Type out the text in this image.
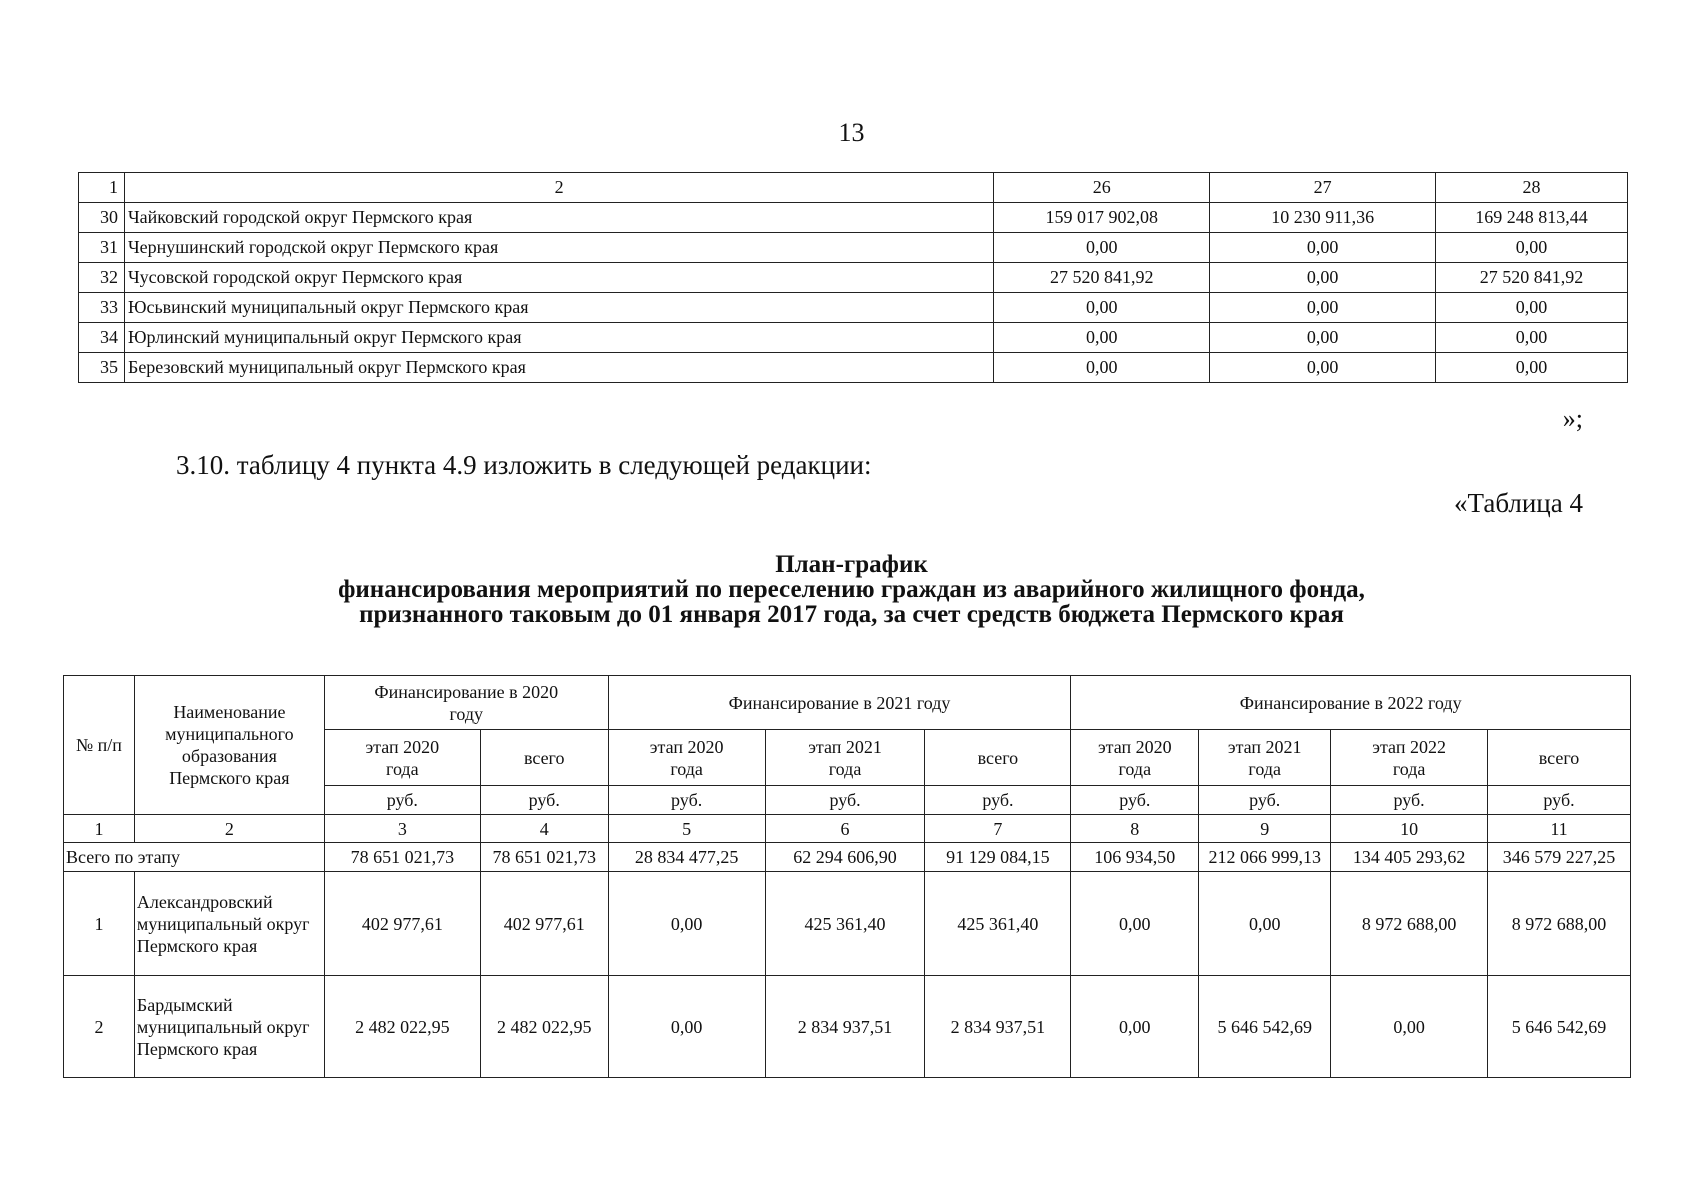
13
1	2	26	27	28
30	Чайковский городской округ Пермского края	159 017 902,08	10 230 911,36	169 248 813,44
31	Чернушинский городской округ Пермского края	0,00	0,00	0,00
32	Чусовской городской округ Пермского края	27 520 841,92	0,00	27 520 841,92
33	Юсьвинский муниципальный округ Пермского края	0,00	0,00	0,00
34	Юрлинский муниципальный округ Пермского края	0,00	0,00	0,00
35	Березовский муниципальный округ Пермского края	0,00	0,00	0,00
»;
3.10. таблицу 4 пункта 4.9 изложить в следующей редакции:
«Таблица 4
План-график
финансирования мероприятий по переселению граждан из аварийного жилищного фонда,
признанного таковым до 01 января 2017 года, за счет средств бюджета Пермского края
№ п/п	Наименование муниципального образования Пермского края	Финансирование в 2020 году		Финансирование в 2021 году			Финансирование в 2022 году			
		этап 2020 года	всего	этап 2020 года	этап 2021 года	всего	этап 2020 года	этап 2021 года	этап 2022 года	всего
		руб.	руб.	руб.	руб.	руб.	руб.	руб.	руб.	руб.
1	2	3	4	5	6	7	8	9	10	11
Всего по этапу		78 651 021,73	78 651 021,73	28 834 477,25	62 294 606,90	91 129 084,15	106 934,50	212 066 999,13	134 405 293,62	346 579 227,25
1	Александровский муниципальный округ Пермского края	402 977,61	402 977,61	0,00	425 361,40	425 361,40	0,00	0,00	8 972 688,00	8 972 688,00
2	Бардымский муниципальный округ Пермского края	2 482 022,95	2 482 022,95	0,00	2 834 937,51	2 834 937,51	0,00	5 646 542,69	0,00	5 646 542,69
